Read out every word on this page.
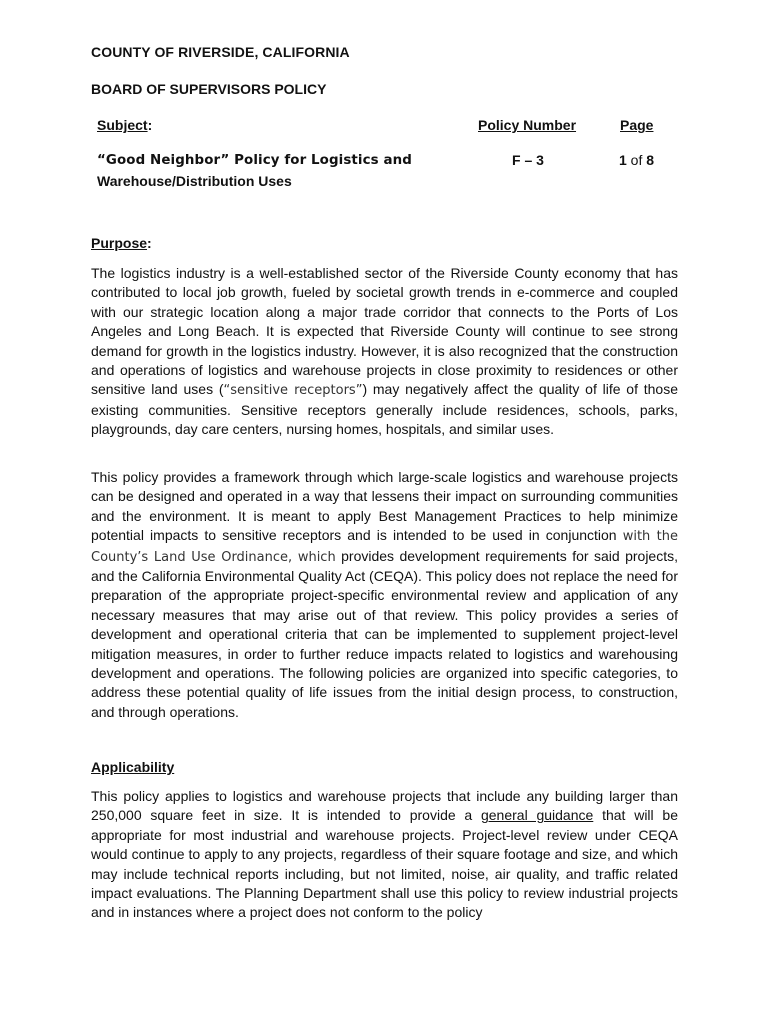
COUNTY OF RIVERSIDE, CALIFORNIA
BOARD OF SUPERVISORS POLICY
Subject:	Policy Number	Page
“Good Neighbor” Policy for Logistics and
Warehouse/Distribution Uses
F – 3	1 of 8
Purpose:

The logistics industry is a well-established sector of the Riverside County economy that has contributed to local job growth, fueled by societal growth trends in e-commerce and coupled with our strategic location along a major trade corridor that connects to the Ports of Los Angeles and Long Beach. It is expected that Riverside County will continue to see strong demand for growth in the logistics industry. However, it is also recognized that the construction and operations of logistics and warehouse projects in close proximity to residences or other sensitive land uses (“sensitive receptors”) may negatively affect the quality of life of those existing communities. Sensitive receptors generally include residences, schools, parks, playgrounds, day care centers, nursing homes, hospitals, and similar uses.

This policy provides a framework through which large-scale logistics and warehouse projects can be designed and operated in a way that lessens their impact on surrounding communities and the environment. It is meant to apply Best Management Practices to help minimize potential impacts to sensitive receptors and is intended to be used in conjunction with the County’s Land Use Ordinance, which provides development requirements for said projects, and the California Environmental Quality Act (CEQA). This policy does not replace the need for preparation of the appropriate project-specific environmental review and application of any necessary measures that may arise out of that review. This policy provides a series of development and operational criteria that can be implemented to supplement project-level mitigation measures, in order to further reduce impacts related to logistics and warehousing development and operations. The following policies are organized into specific categories, to address these potential quality of life issues from the initial design process, to construction, and through operations.

Applicability

This policy applies to logistics and warehouse projects that include any building larger than 250,000 square feet in size. It is intended to provide a general guidance that will be appropriate for most industrial and warehouse projects. Project-level review under CEQA would continue to apply to any projects, regardless of their square footage and size, and which may include technical reports including, but not limited, noise, air quality, and traffic related impact evaluations. The Planning Department shall use this policy to review industrial projects and in instances where a project does not conform to the policy
